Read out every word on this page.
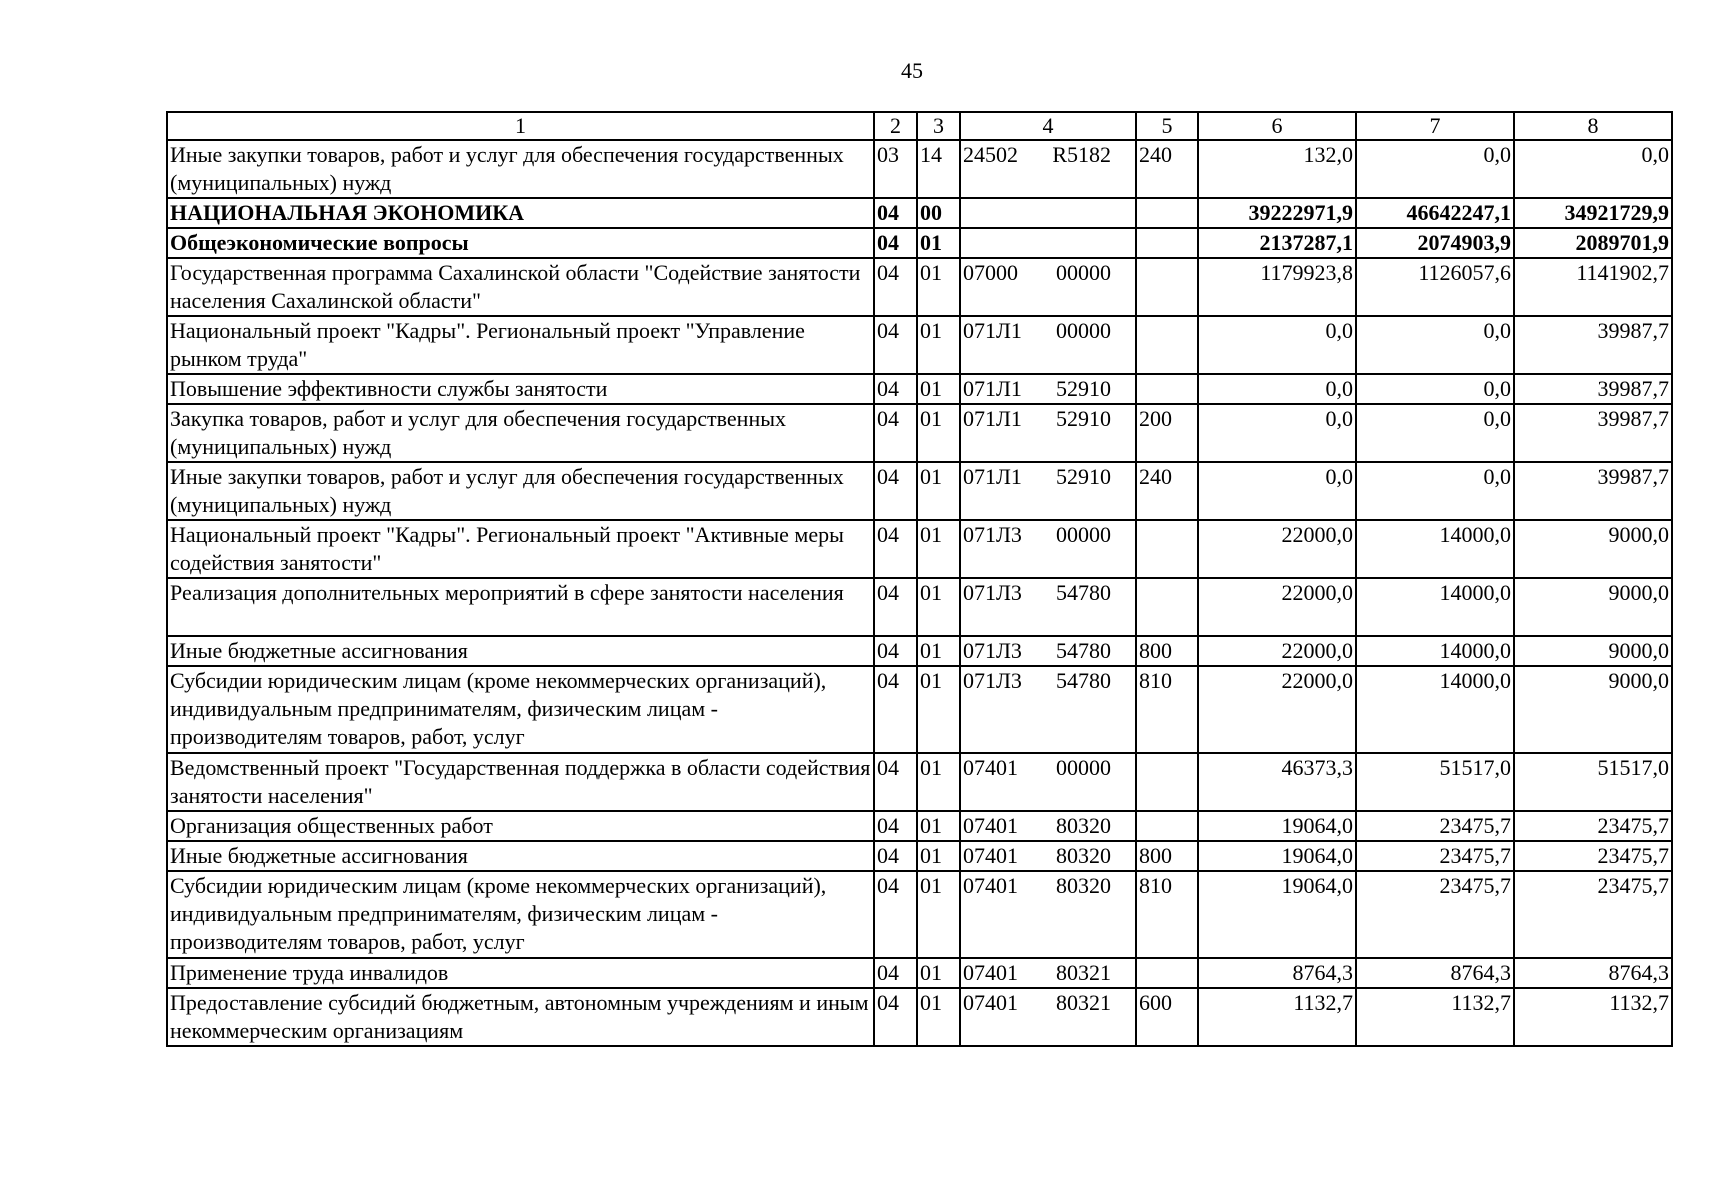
45
1	2	3	4	5	6	7	8
Иные закупки товаров, работ и услуг для обеспечения государственных (муниципальных) нужд	03	14	24502 R5182	240	132,0	0,0	0,0
НАЦИОНАЛЬНАЯ ЭКОНОМИКА	04	00			39222971,9	46642247,1	34921729,9
Общеэкономические вопросы	04	01			2137287,1	2074903,9	2089701,9
Государственная программа Сахалинской области "Содействие занятости населения Сахалинской области"	04	01	07000 00000		1179923,8	1126057,6	1141902,7
Национальный проект "Кадры". Региональный проект "Управление рынком труда"	04	01	071Л1 00000		0,0	0,0	39987,7
Повышение эффективности службы занятости	04	01	071Л1 52910		0,0	0,0	39987,7
Закупка товаров, работ и услуг для обеспечения государственных (муниципальных) нужд	04	01	071Л1 52910	200	0,0	0,0	39987,7
Иные закупки товаров, работ и услуг для обеспечения государственных (муниципальных) нужд	04	01	071Л1 52910	240	0,0	0,0	39987,7
Национальный проект "Кадры". Региональный проект "Активные меры содействия занятости"	04	01	071Л3 00000		22000,0	14000,0	9000,0
Реализация дополнительных мероприятий в сфере занятости населения	04	01	071Л3 54780		22000,0	14000,0	9000,0
Иные бюджетные ассигнования	04	01	071Л3 54780	800	22000,0	14000,0	9000,0
Субсидии юридическим лицам (кроме некоммерческих организаций), индивидуальным предпринимателям, физическим лицам - производителям товаров, работ, услуг	04	01	071Л3 54780	810	22000,0	14000,0	9000,0
Ведомственный проект "Государственная поддержка в области содействия занятости населения"	04	01	07401 00000		46373,3	51517,0	51517,0
Организация общественных работ	04	01	07401 80320		19064,0	23475,7	23475,7
Иные бюджетные ассигнования	04	01	07401 80320	800	19064,0	23475,7	23475,7
Субсидии юридическим лицам (кроме некоммерческих организаций), индивидуальным предпринимателям, физическим лицам - производителям товаров, работ, услуг	04	01	07401 80320	810	19064,0	23475,7	23475,7
Применение труда инвалидов	04	01	07401 80321		8764,3	8764,3	8764,3
Предоставление субсидий бюджетным, автономным учреждениям и иным некоммерческим организациям	04	01	07401 80321	600	1132,7	1132,7	1132,7
